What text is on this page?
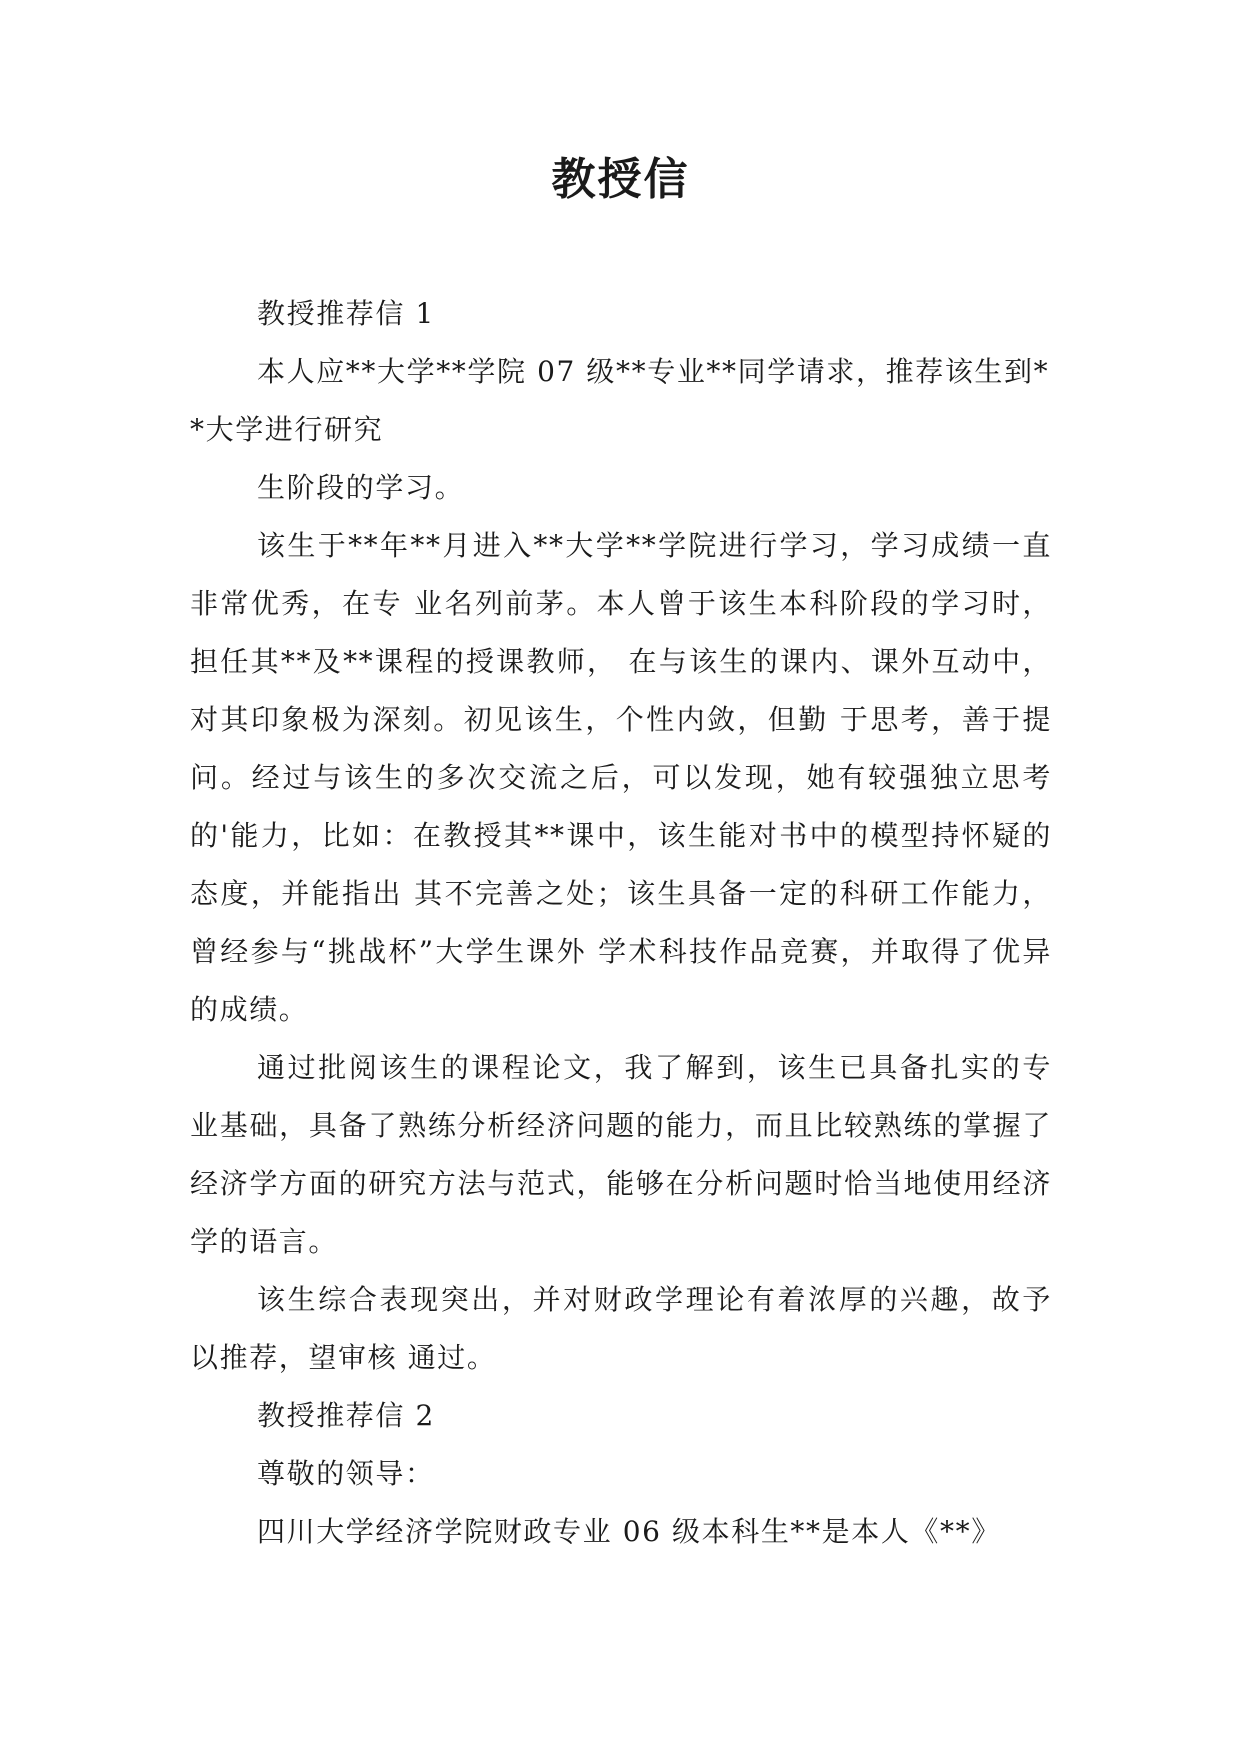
教授信

教授推荐信 1

本人应**大学**学院 07 级**专业**同学请求，推荐该生到**大学进行研究

生阶段的学习。

该生于**年**月进入**大学**学院进行学习，学习成绩一直非常优秀，在专 业名列前茅。本人曾于该生本科阶段的学习时，担任其**及**课程的授课教师， 在与该生的课内、课外互动中，对其印象极为深刻。初见该生，个性内敛，但勤 于思考，善于提问。经过与该生的多次交流之后，可以发现，她有较强独立思考 的'能力，比如：在教授其**课中，该生能对书中的模型持怀疑的态度，并能指出 其不完善之处；该生具备一定的科研工作能力，曾经参与“挑战杯”大学生课外 学术科技作品竞赛，并取得了优异的成绩。

通过批阅该生的课程论文，我了解到，该生已具备扎实的专业基础，具备了熟练分析经济问题的能力，而且比较熟练的掌握了经济学方面的研究方法与范式，能够在分析问题时恰当地使用经济学的语言。

该生综合表现突出，并对财政学理论有着浓厚的兴趣，故予以推荐，望审核 通过。

教授推荐信 2

尊敬的领导：

四川大学经济学院财政专业 06 级本科生**是本人《**》
